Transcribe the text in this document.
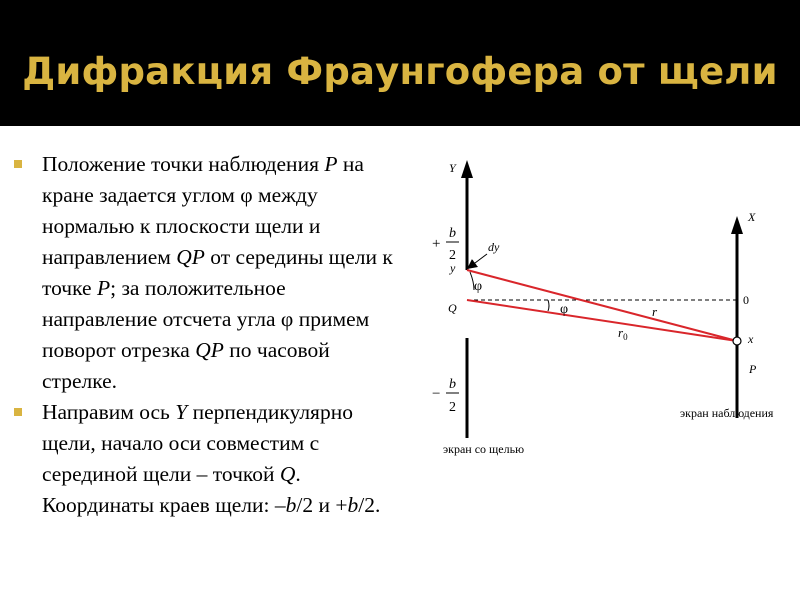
Дифракция Фраунгофера от щели

Положение точки наблюдения P на кране задается углом φ между нормалью к плоскости щели и направлением QP от середины щели к точке P; за положительное направление отсчета угла φ примем поворот отрезка QP по часовой стрелке.

Направим ось Y перпендикулярно щели, начало оси совместим с серединой щели – точкой Q. Координаты краев щели: –b/2 и +b/2.

Y
X
+
b
2
−
b
2
y
dy
Q
φ
φ	r
$r_0$
0
x
P
экран со щелью
экран наблюдения
